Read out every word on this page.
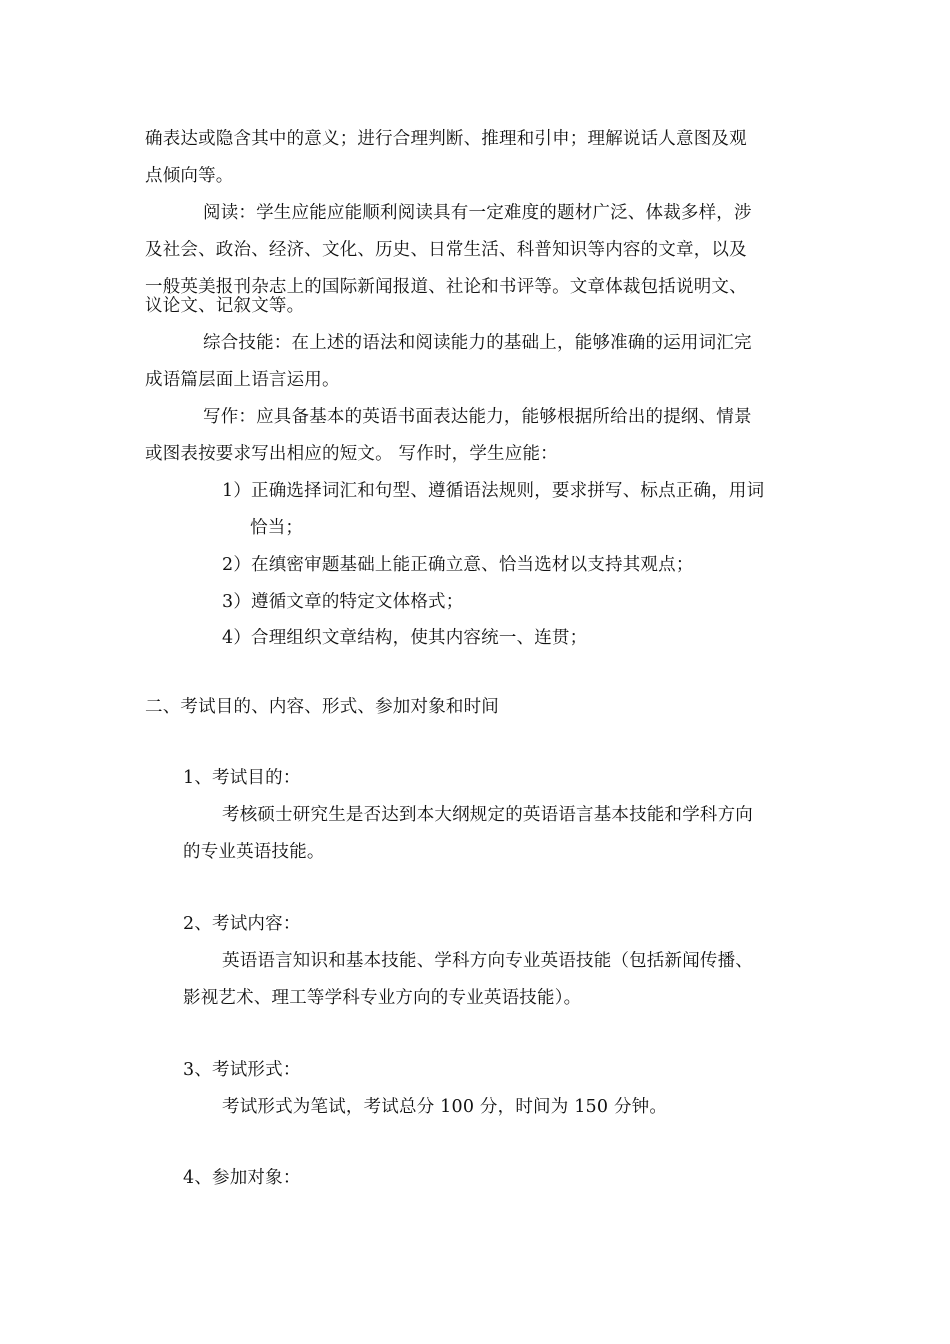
确表达或隐含其中的意义；进行合理判断、推理和引申；理解说话人意图及观
点倾向等。
阅读：学生应能应能顺利阅读具有一定难度的题材广泛、体裁多样，涉
及社会、政治、经济、文化、历史、日常生活、科普知识等内容的文章，以及
一般英美报刊杂志上的国际新闻报道、社论和书评等。文章体裁包括说明文、
议论文、记叙文等。
综合技能：在上述的语法和阅读能力的基础上，能够准确的运用词汇完
成语篇层面上语言运用。
写作：应具备基本的英语书面表达能力，能够根据所给出的提纲、情景
或图表按要求写出相应的短文。 写作时，学生应能：
1）正确选择词汇和句型、遵循语法规则，要求拼写、标点正确，用词
恰当；
2）在缜密审题基础上能正确立意、恰当选材以支持其观点；
3）遵循文章的特定文体格式；
4）合理组织文章结构，使其内容统一、连贯；
二、考试目的、内容、形式、参加对象和时间
1、考试目的：
考核硕士研究生是否达到本大纲规定的英语语言基本技能和学科方向
的专业英语技能。
2、考试内容：
英语语言知识和基本技能、学科方向专业英语技能（包括新闻传播、
影视艺术、理工等学科专业方向的专业英语技能）。
3、考试形式：
考试形式为笔试，考试总分 100 分，时间为 150 分钟。
4、参加对象：
